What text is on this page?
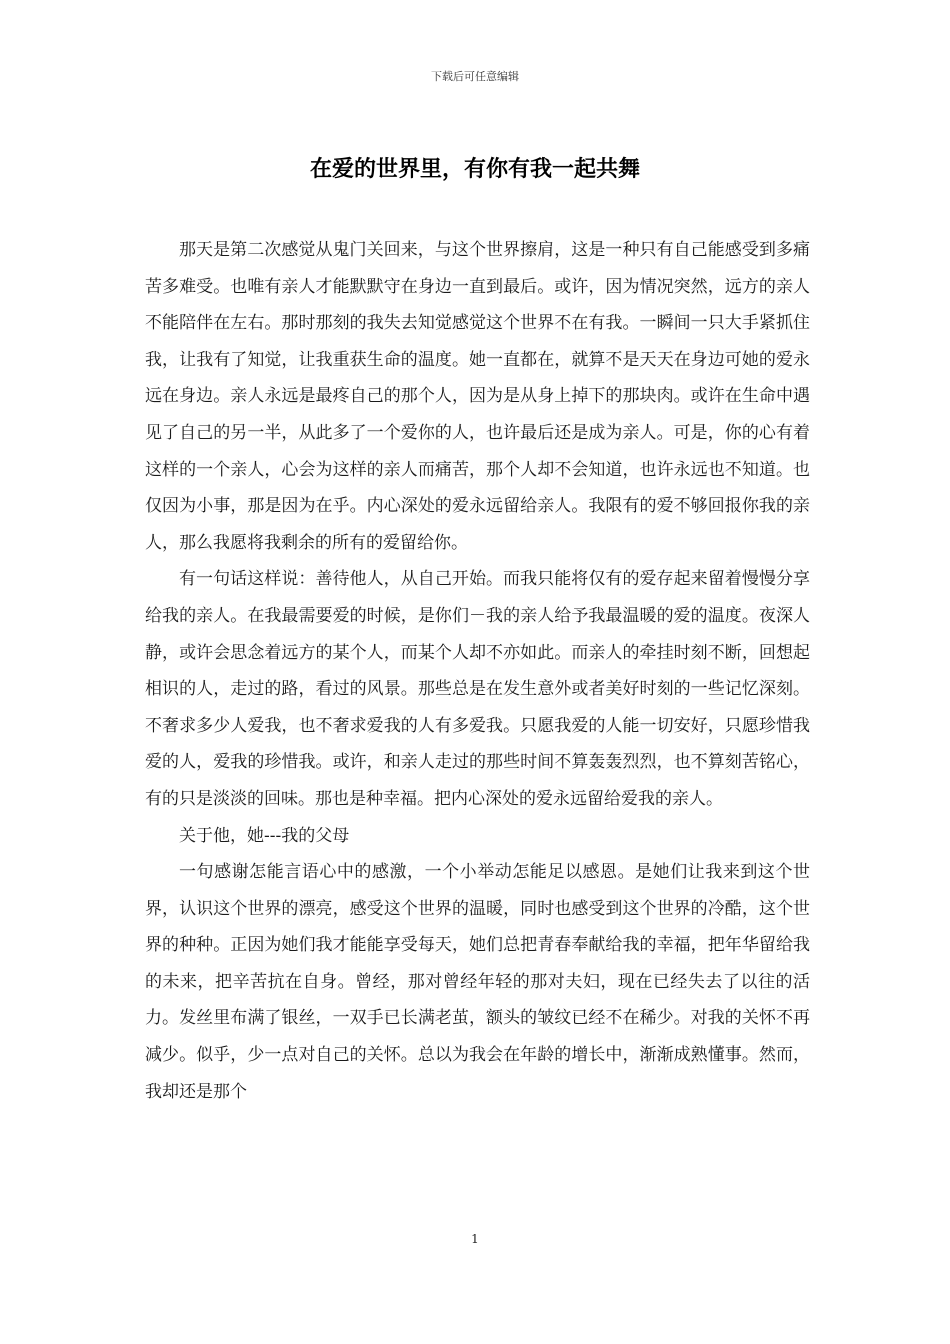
下载后可任意编辑
在爱的世界里，有你有我一起共舞

那天是第二次感觉从鬼门关回来，与这个世界擦肩，这是一种只有自己能感受到多痛苦多难受。也唯有亲人才能默默守在身边一直到最后。或许，因为情况突然，远方的亲人不能陪伴在左右。那时那刻的我失去知觉感觉这个世界不在有我。一瞬间一只大手紧抓住我，让我有了知觉，让我重获生命的温度。她一直都在，就算不是天天在身边可她的爱永远在身边。亲人永远是最疼自己的那个人，因为是从身上掉下的那块肉。或许在生命中遇见了自己的另一半，从此多了一个爱你的人，也许最后还是成为亲人。可是，你的心有着这样的一个亲人，心会为这样的亲人而痛苦，那个人却不会知道，也许永远也不知道。也仅因为小事，那是因为在乎。内心深处的爱永远留给亲人。我限有的爱不够回报你我的亲人，那么我愿将我剩余的所有的爱留给你。

有一句话这样说：善待他人，从自己开始。而我只能将仅有的爱存起来留着慢慢分享给我的亲人。在我最需要爱的时候，是你们－我的亲人给予我最温暖的爱的温度。夜深人静，或许会思念着远方的某个人，而某个人却不亦如此。而亲人的牵挂时刻不断，回想起相识的人，走过的路，看过的风景。那些总是在发生意外或者美好时刻的一些记忆深刻。不奢求多少人爱我，也不奢求爱我的人有多爱我。只愿我爱的人能一切安好，只愿珍惜我爱的人，爱我的珍惜我。或许，和亲人走过的那些时间不算轰轰烈烈，也不算刻苦铭心，有的只是淡淡的回味。那也是种幸福。把内心深处的爱永远留给爱我的亲人。

关于他，她---我的父母

一句感谢怎能言语心中的感激，一个小举动怎能足以感恩。是她们让我来到这个世界，认识这个世界的漂亮，感受这个世界的温暖，同时也感受到这个世界的冷酷，这个世界的种种。正因为她们我才能能享受每天，她们总把青春奉献给我的幸福，把年华留给我的未来，把辛苦抗在自身。曾经，那对曾经年轻的那对夫妇，现在已经失去了以往的活力。发丝里布满了银丝，一双手已长满老茧，额头的皱纹已经不在稀少。对我的关怀不再减少。似乎，少一点对自己的关怀。总以为我会在年龄的增长中，渐渐成熟懂事。然而，我却还是那个

1
